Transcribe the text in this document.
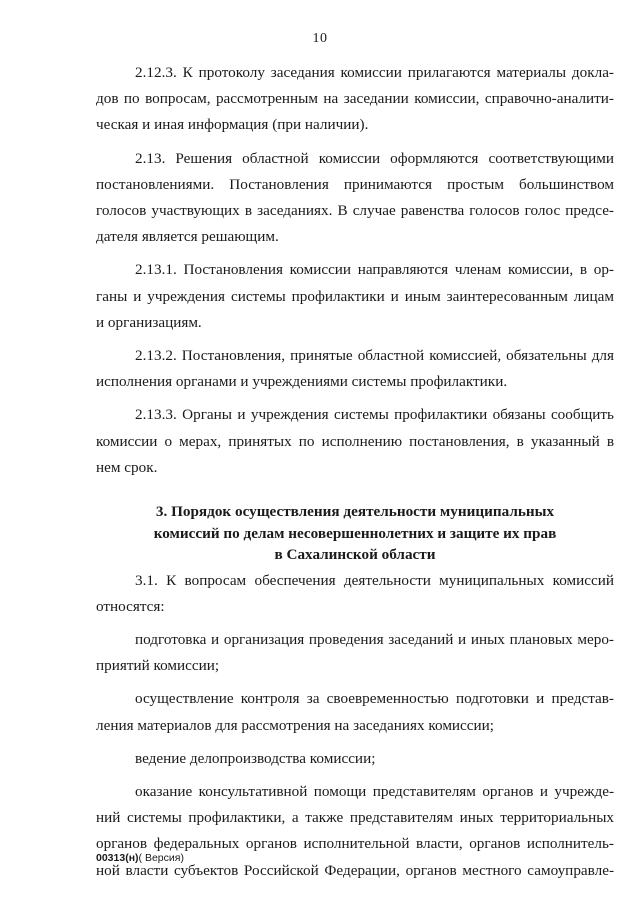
10
2.12.3. К протоколу заседания комиссии прилагаются материалы докла-
дов по вопросам, рассмотренным на заседании комиссии, справочно-аналити-
ческая и иная информация (при наличии).
2.13. Решения областной комиссии оформляются соответствующими
постановлениями. Постановления принимаются простым большинством
голосов участвующих в заседаниях. В случае равенства голосов голос предсе-
дателя является решающим.
2.13.1. Постановления комиссии направляются членам комиссии, в ор-
ганы и учреждения системы профилактики и иным заинтересованным лицам
и организациям.
2.13.2. Постановления, принятые областной комиссией, обязательны для
исполнения органами и учреждениями системы профилактики.
2.13.3. Органы и учреждения системы профилактики обязаны сообщить
комиссии о мерах, принятых по исполнению постановления, в указанный в
нем срок.
3. Порядок осуществления деятельности муниципальных
комиссий по делам несовершеннолетних и защите их прав
в Сахалинской области
3.1. К вопросам обеспечения деятельности муниципальных комиссий
относятся:
подготовка и организация проведения заседаний и иных плановых меро-
приятий комиссии;
осуществление контроля за своевременностью подготовки и представ-
ления материалов для рассмотрения на заседаниях комиссии;
ведение делопроизводства комиссии;
оказание консультативной помощи представителям органов и учрежде-
ний системы профилактики, а также представителям иных территориальных
органов федеральных органов исполнительной власти, органов исполнитель-
ной власти субъектов Российской Федерации, органов местного самоуправле-
00313(н)( Версия)
